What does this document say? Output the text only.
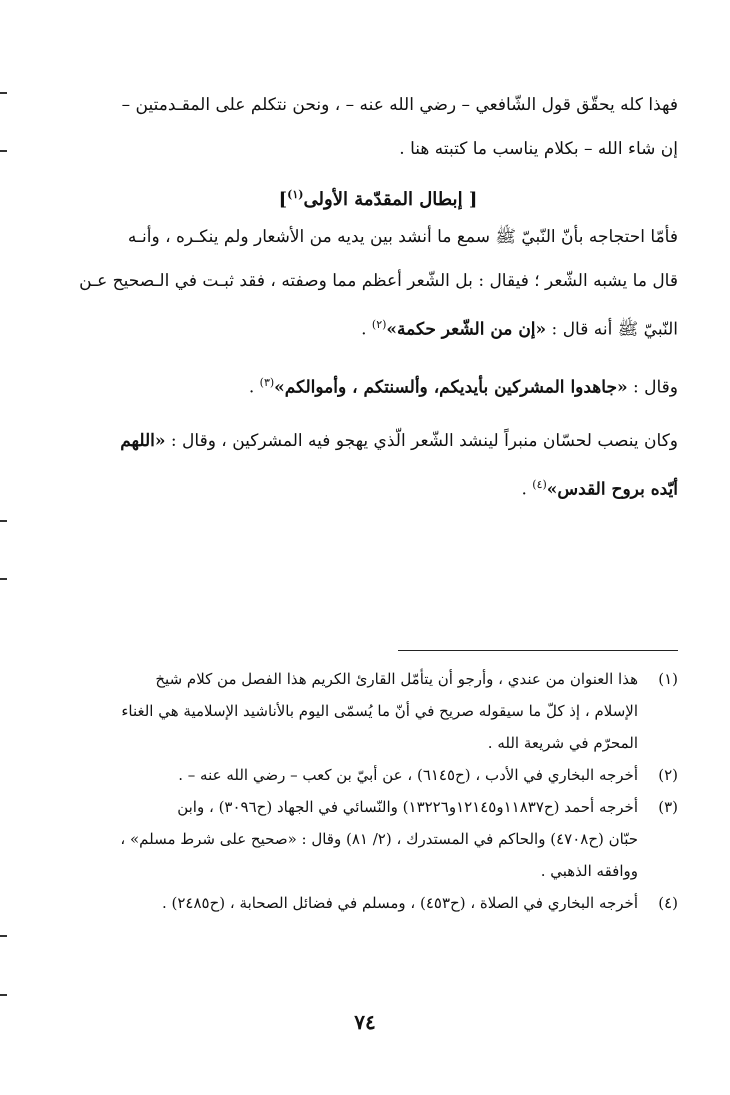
فهذا كله يحقّق قول الشّافعي – رضي الله عنه – ، ونحن نتكلم على المقـدمتين –
إن شاء الله – بكلام يناسب ما كتبته هنا .
[ إبطال المقدّمة الأولى$^{(١)}$]
فأمّا احتجاجه بأنّ النّبيّ ﷺ سمع ما أنشد بين يديه من الأشعار ولم ينكـره ، وأنـه
قال ما يشبه الشّعر ؛ فيقال : بل الشّعر أعظم مما وصفته ، فقد ثبـت في الـصحيح عـن
النّبيّ ﷺ أنه قال : «إن من الشّعر حكمة»$^{(٢)}$ .
وقال : «جاهدوا المشركين بأيديكم، وألسنتكم ، وأموالكم»$^{(٣)}$ .
وكان ينصب لحسّان منبراً لينشد الشّعر الّذي يهجو فيه المشركين ، وقال : «اللهم
أيّده بروح القدس»$^{(٤)}$ .
(١)
هذا العنوان من عندي ، وأرجو أن يتأمّل القارئ الكريم هذا الفصل من كلام شيخ
الإسلام ، إذ كلّ ما سيقوله صريح في أنّ ما يُسمّى اليوم بالأناشيد الإسلامية هي الغناء
المحرّم في شريعة الله .
(٢)
أخرجه البخاري في الأدب ، (ح٦١٤٥) ، عن أبيّ بن كعب – رضي الله عنه – .
(٣)
أخرجه أحمد (ح١١٨٣٧و١٢١٤٥و١٣٢٢٦) والنّسائي في الجهاد (ح٣٠٩٦) ، وابن
حبّان (ح٤٧٠٨) والحاكم في المستدرك ، (٢/ ٨١) وقال : «صحيح على شرط مسلم» ،
ووافقه الذهبي .
(٤)
أخرجه البخاري في الصلاة ، (ح٤٥٣) ، ومسلم في فضائل الصحابة ، (ح٢٤٨٥) .
٧٤
